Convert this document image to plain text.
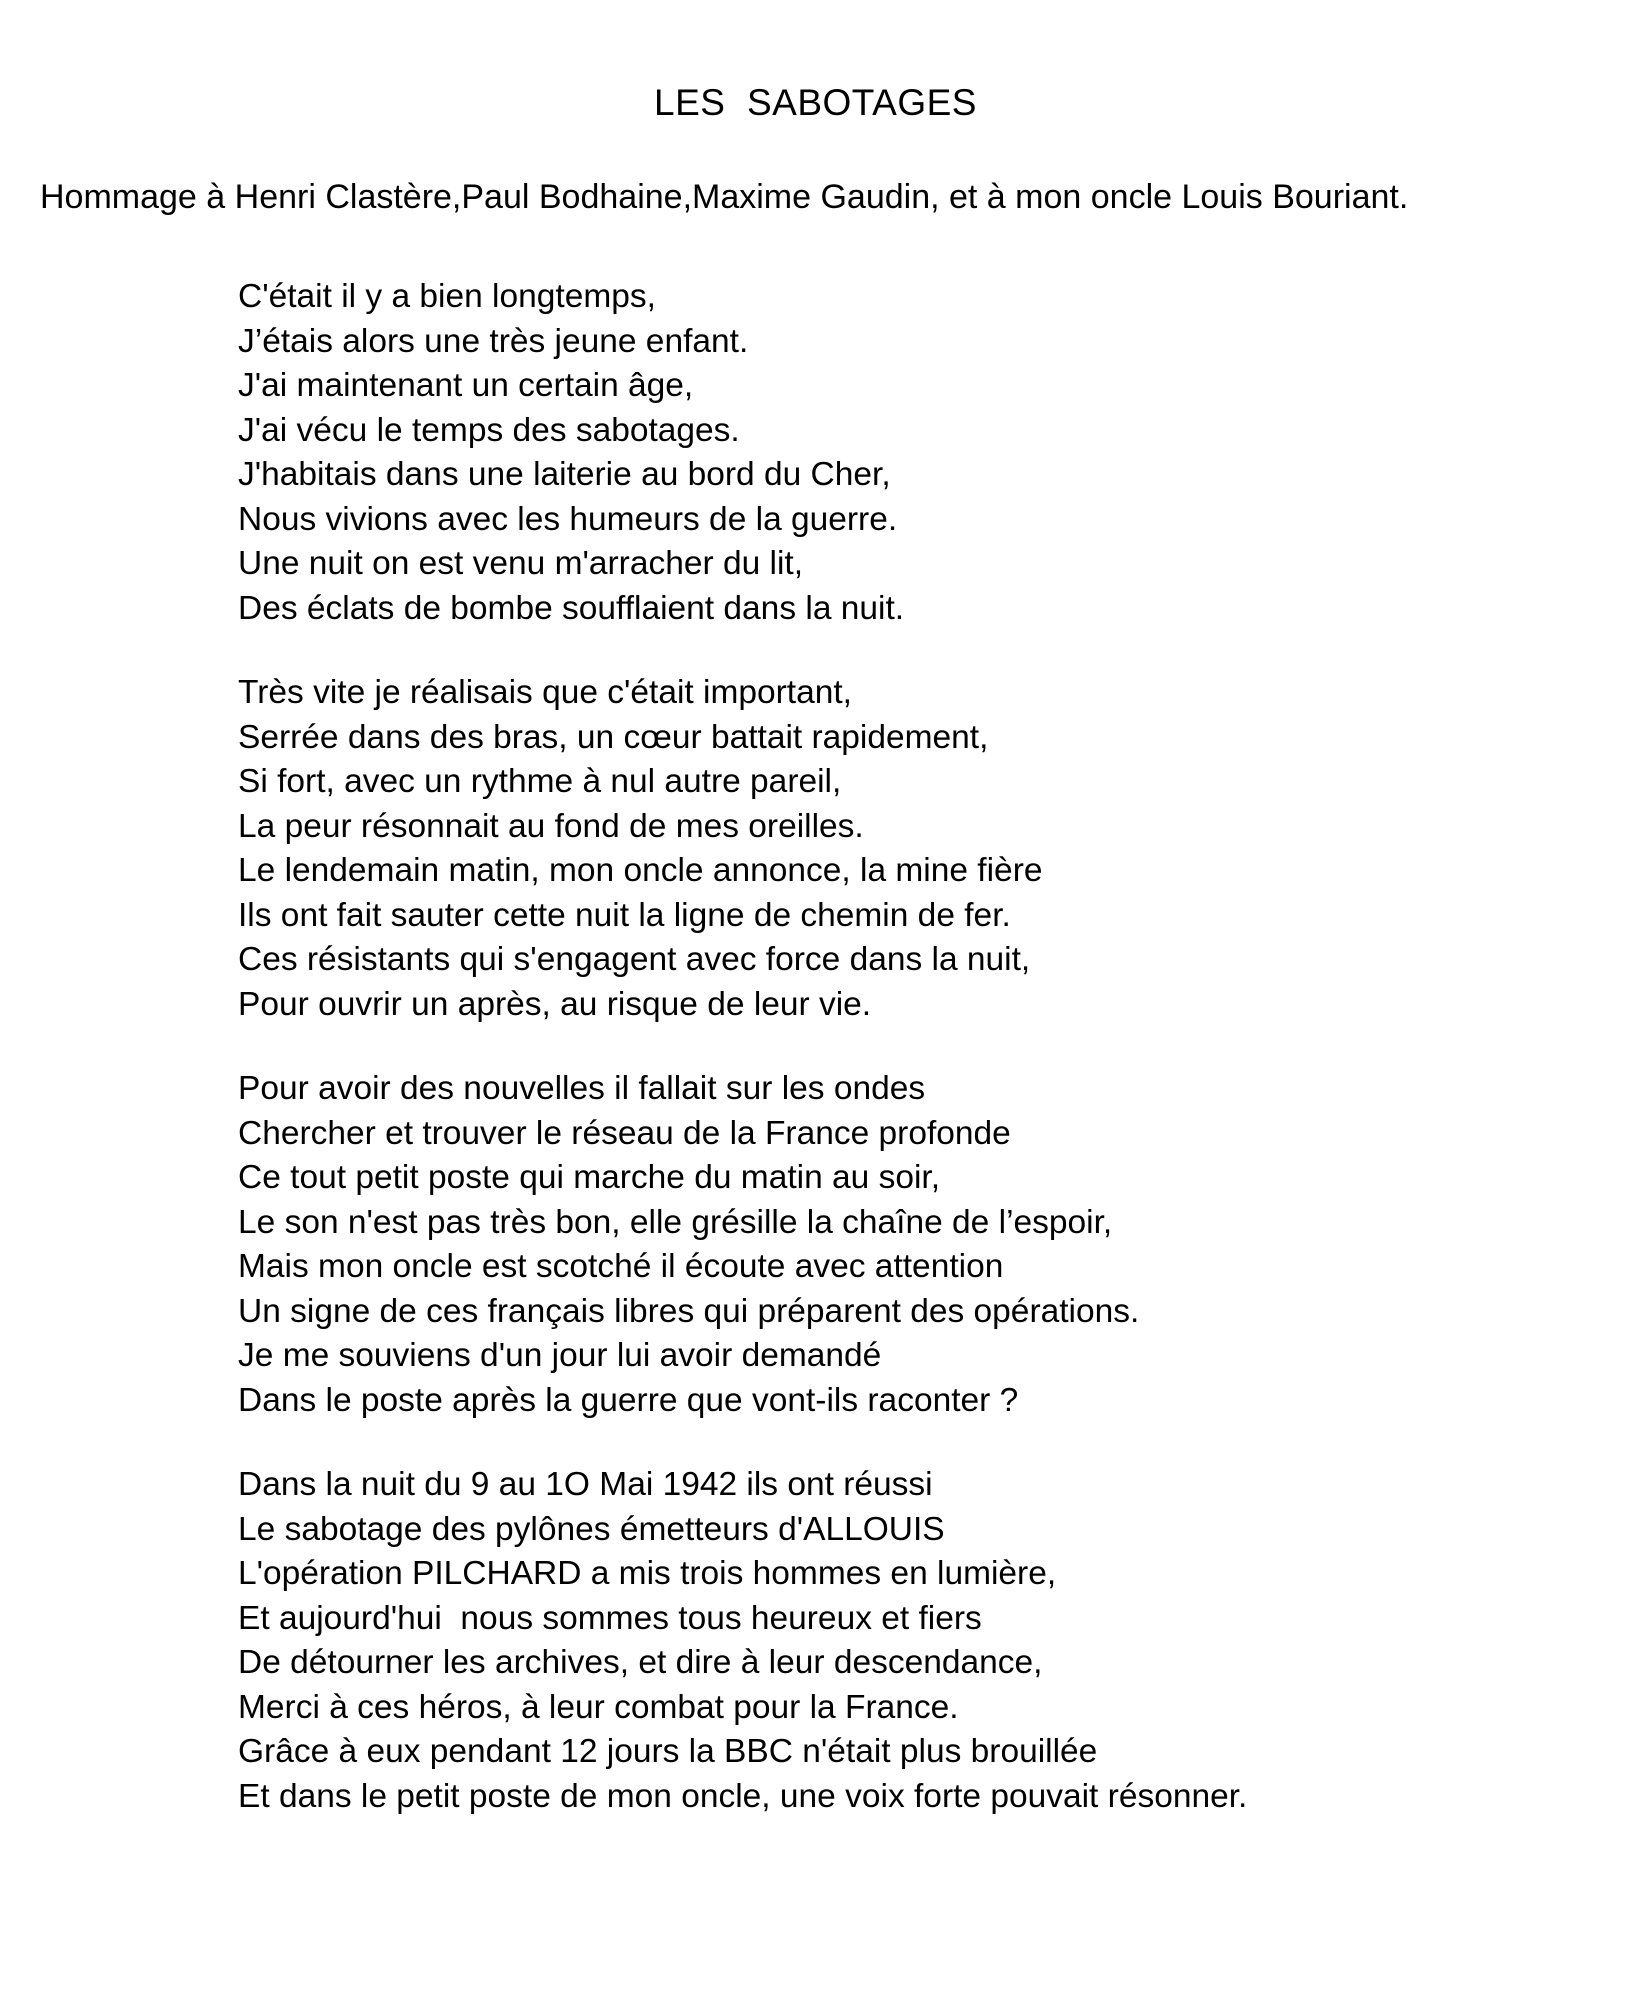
LES  SABOTAGES

Hommage à Henri Clastère,Paul Bodhaine,Maxime Gaudin, et à mon oncle Louis Bouriant.

C'était il y a bien longtemps,
J’étais alors une très jeune enfant.
J'ai maintenant un certain âge,
J'ai vécu le temps des sabotages.
J'habitais dans une laiterie au bord du Cher,
Nous vivions avec les humeurs de la guerre.
Une nuit on est venu m'arracher du lit,
Des éclats de bombe soufflaient dans la nuit.
Très vite je réalisais que c'était important,
Serrée dans des bras, un cœur battait rapidement,
Si fort, avec un rythme à nul autre pareil,
La peur résonnait au fond de mes oreilles.
Le lendemain matin, mon oncle annonce, la mine fière
Ils ont fait sauter cette nuit la ligne de chemin de fer.
Ces résistants qui s'engagent avec force dans la nuit,
Pour ouvrir un après, au risque de leur vie.
Pour avoir des nouvelles il fallait sur les ondes
Chercher et trouver le réseau de la France profonde
Ce tout petit poste qui marche du matin au soir,
Le son n'est pas très bon, elle grésille la chaîne de l’espoir,
Mais mon oncle est scotché il écoute avec attention
Un signe de ces français libres qui préparent des opérations.
Je me souviens d'un jour lui avoir demandé
Dans le poste après la guerre que vont-ils raconter ?
Dans la nuit du 9 au 1O Mai 1942 ils ont réussi
Le sabotage des pylônes émetteurs d'ALLOUIS
L'opération PILCHARD a mis trois hommes en lumière,
Et aujourd'hui  nous sommes tous heureux et fiers
De détourner les archives, et dire à leur descendance,
Merci à ces héros, à leur combat pour la France.
Grâce à eux pendant 12 jours la BBC n'était plus brouillée
Et dans le petit poste de mon oncle, une voix forte pouvait résonner.
